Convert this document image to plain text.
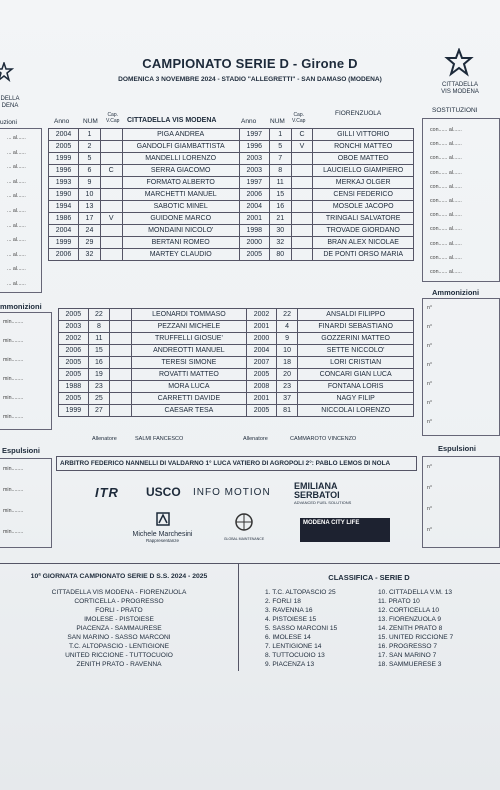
DELLA
DENA
CITTADELLA
VIS MODENA
CAMPIONATO SERIE D - Girone D
DOMENICA 3 NOVEMBRE 2024 - STADIO "ALLEGRETTI" - SAN DAMASO (MODENA)
Anno NUM
Cap.
V.Cap CITTADELLA VIS MODENA	Anno NUM
Cap.
V.Cap
FIORENZUOLA	SOSTITUZIONI
uzioni
2004	1		PIGA ANDREA	1997	1	C	GILLI VITTORIO
2005	2		GANDOLFI GIAMBATTISTA	1996	5	V	RONCHI MATTEO
1999	5		MANDELLI LORENZO	2003	7		OBOE MATTEO
1996	6	C	SERRA GIACOMO	2003	8		LAUCIELLO GIAMPIERO
1993	9		FORMATO ALBERTO	1997	11		MERKAJ OLGER
1990	10		MARCHETTI MANUEL	2006	15		CENSI FEDERICO
1994	13		SABOTIC MINEL	2004	16		MOSOLE JACOPO
1986	17	V	GUIDONE MARCO	2001	21		TRINGALI SALVATORE
2004	24		MONDAINI NICOLO'	1998	30		TROVADE GIORDANO
1999	29		BERTANI ROMEO	2000	32		BRAN ALEX NICOLAE
2006	32		MARTEY CLAUDIO	2005	80		DE PONTI ORSO MARIA
2005	22		LEONARDI TOMMASO	2002	22	ANSALDI FILIPPO
2003	8		PEZZANI MICHELE	2001	4	FINARDI SEBASTIANO
2002	11		TRUFFELLI GIOSUE'	2000	9	GOZZERINI MATTEO
2006	15		ANDREOTTI MANUEL	2004	10	SETTE NICCOLO'
2005	16		TERESI SIMONE	2007	18	LORI CRISTIAN
2005	19		ROVATTI MATTEO	2005	20	CONCARI GIAN LUCA
1988	23		MORA LUCA	2008	23	FONTANA LORIS
2005	25		CARRETTI DAVIDE	2001	37	NAGY FILIP
1999	27		CAESAR TESA	2005	81	NICCOLAI LORENZO
Allenatore	SALMI FANCESCO	Allenatore	CAMMAROTO VINCENZO
con...... al......
con...... al......
con...... al......
con...... al......
con...... al......
con...... al......
con...... al......
con...... al......
con...... al......
con...... al......
con...... al......
... al......
... al......
... al......
... al......
... al......
... al......
... al......
... al......
... al......
... al......
... al......
Ammonizioni
n°
n°
n°
n°
n°
n°
n°
mmonizioni
min........
min........
min........
min........
min........
min........
Espulsioni
n°
n°
n°
n°
Espulsioni
min........
min........
min........
min........
ARBITRO FEDERICO NANNELLI DI VALDARNO 1° LUCA VATIERO DI AGROPOLI 2°: PABLO LEMOS DI NOLA
ITR USCO INFO MOTION
EMILIANA SERBATOI
ADVANCED FUEL SOLUTIONS
Michele Marchesini
Rappresentanze	GLOBAL MAINTENANCE
MODENA CITY LIFE
10ª GIORNATA CAMPIONATO SERIE D S.S. 2024 - 2025
CITTADELLA VIS MODENA - FIORENZUOLA
CORTICELLA - PROGRESSO
FORLI - PRATO
IMOLESE - PISTOIESE
PIACENZA - SAMMAURESE
SAN MARINO - SASSO MARCONI
T.C. ALTOPASCIO - LENTIGIONE
UNITED RICCIONE - TUTTOCUOIO
ZENITH PRATO - RAVENNA
CLASSIFICA - SERIE D
1. T.C. ALTOPASCIO 25
2. FORLI 18
3. RAVENNA 16
4. PISTOIESE 15
5. SASSO MARCONI 15
6. IMOLESE 14
7. LENTIGIONE 14
8. TUTTOCUOIO 13
9. PIACENZA 13
10. CITTADELLA V.M. 13
11. PRATO 10
12. CORTICELLA 10
13. FIORENZUOLA 9
14. ZENITH PRATO 8
15. UNITED RICCIONE 7
16. PROGRESSO 7
17. SAN MARINO 7
18. SAMMUERESE 3
